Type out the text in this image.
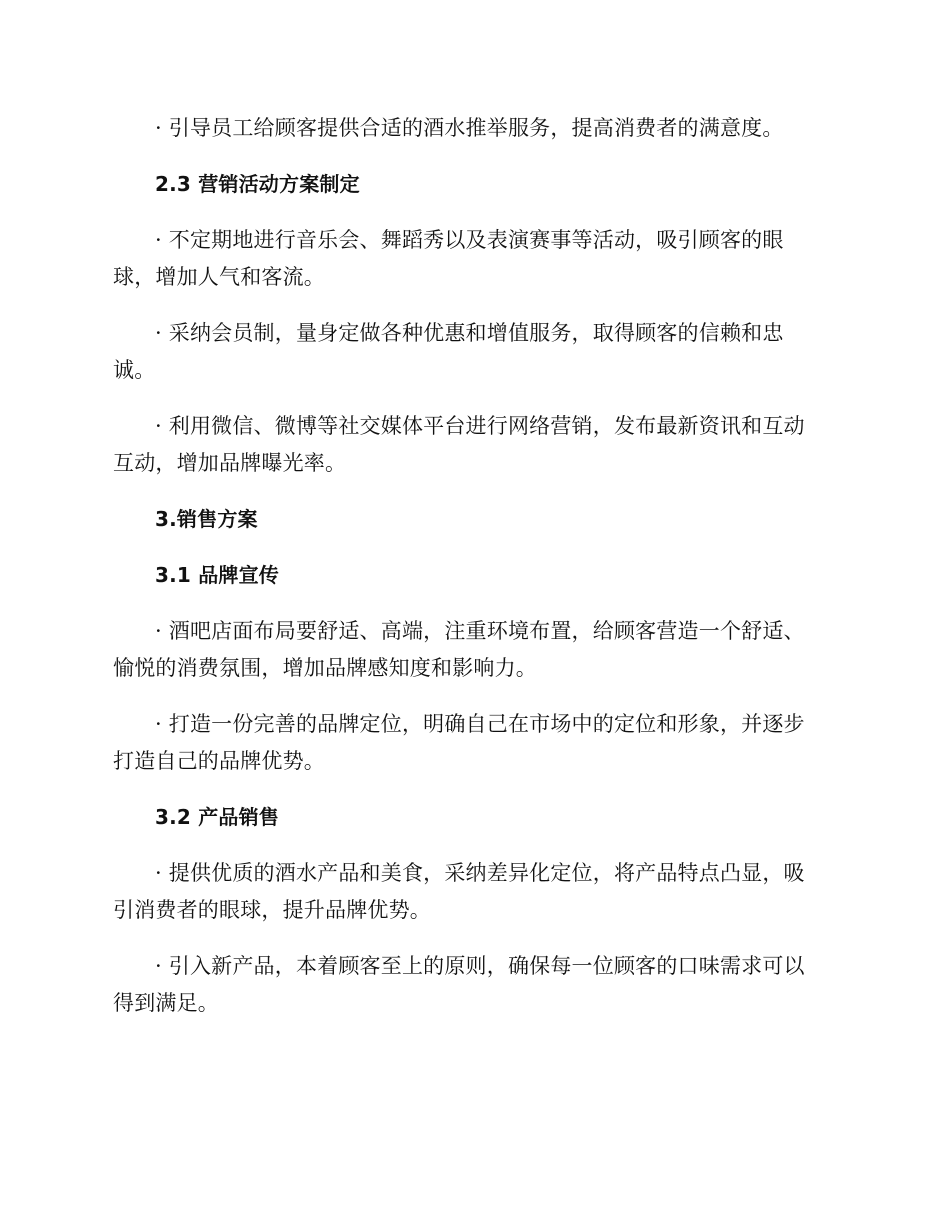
· 引导员工给顾客提供合适的酒水推举服务，提高消费者的满意度。

2.3 营销活动方案制定

· 不定期地进行音乐会、舞蹈秀以及表演赛事等活动，吸引顾客的眼球，增加人气和客流。

· 采纳会员制，量身定做各种优惠和增值服务，取得顾客的信赖和忠诚。

· 利用微信、微博等社交媒体平台进行网络营销，发布最新资讯和互动互动，增加品牌曝光率。

3.销售方案

3.1 品牌宣传

· 酒吧店面布局要舒适、高端，注重环境布置，给顾客营造一个舒适、愉悦的消费氛围，增加品牌感知度和影响力。

· 打造一份完善的品牌定位，明确自己在市场中的定位和形象，并逐步打造自己的品牌优势。

3.2 产品销售

· 提供优质的酒水产品和美食，采纳差异化定位，将产品特点凸显，吸引消费者的眼球，提升品牌优势。

· 引入新产品，本着顾客至上的原则，确保每一位顾客的口味需求可以得到满足。
